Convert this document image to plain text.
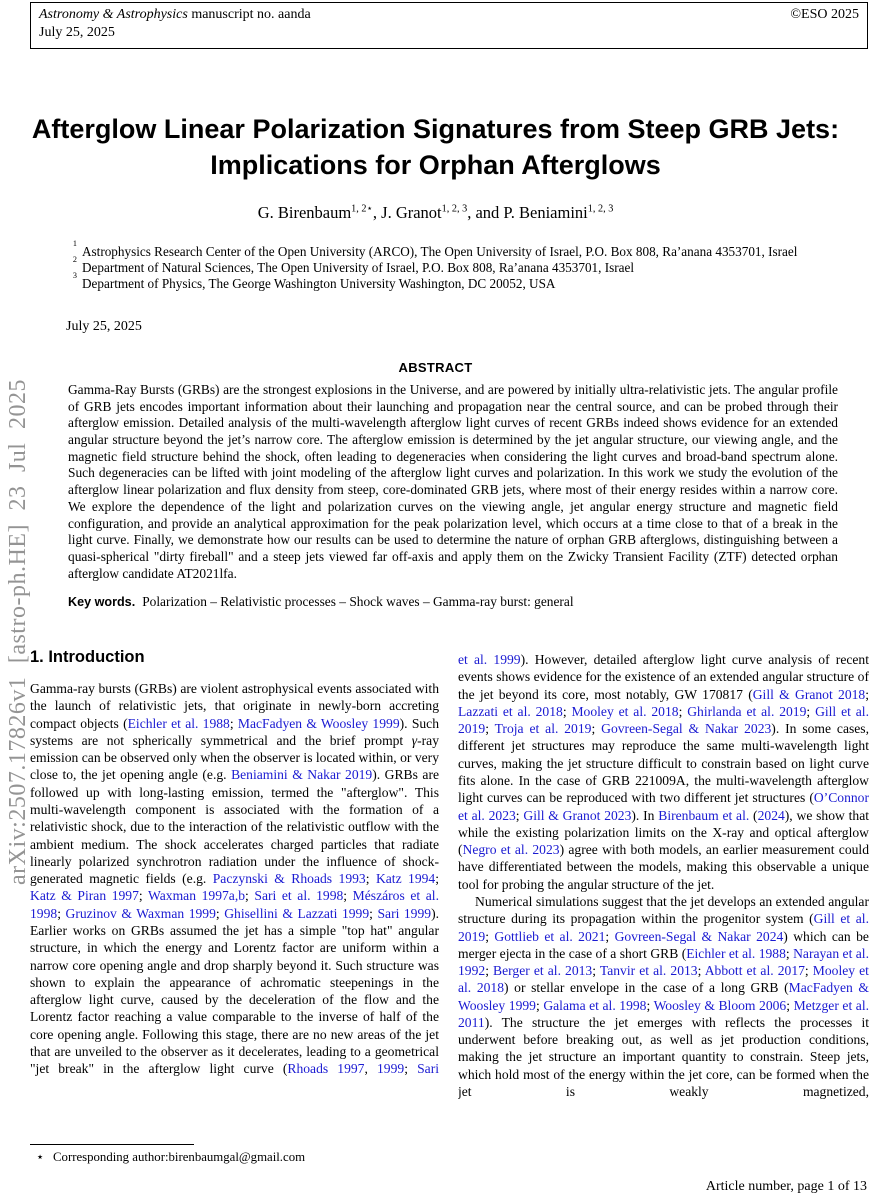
arXiv:2507.17826v1 [astro-ph.HE] 23 Jul 2025
Astronomy & Astrophysics manuscript no. aanda
July 25, 2025
©ESO 2025
Afterglow Linear Polarization Signatures from Steep GRB Jets:
Implications for Orphan Afterglows
G. Birenbaum$^{1, 2⋆}$, J. Granot$^{1, 2, 3}$, and P. Beniamini$^{1, 2, 3}$
1
Astrophysics Research Center of the Open University (ARCO), The Open University of Israel, P.O. Box 808, Ra’anana 4353701, Israel
2
Department of Natural Sciences, The Open University of Israel, P.O. Box 808, Ra’anana 4353701, Israel
3
Department of Physics, The George Washington University Washington, DC 20052, USA
July 25, 2025
ABSTRACT

Gamma-Ray Bursts (GRBs) are the strongest explosions in the Universe, and are powered by initially ultra-relativistic jets. The angular profile of GRB jets encodes important information about their launching and propagation near the central source, and can be probed through their afterglow emission. Detailed analysis of the multi-wavelength afterglow light curves of recent GRBs indeed shows evidence for an extended angular structure beyond the jet’s narrow core. The afterglow emission is determined by the jet angular structure, our viewing angle, and the magnetic field structure behind the shock, often leading to degeneracies when considering the light curves and broad-band spectrum alone. Such degeneracies can be lifted with joint modeling of the afterglow light curves and polarization. In this work we study the evolution of the afterglow linear polarization and flux density from steep, core-dominated GRB jets, where most of their energy resides within a narrow core. We explore the dependence of the light and polarization curves on the viewing angle, jet angular energy structure and magnetic field configuration, and provide an analytical approximation for the peak polarization level, which occurs at a time close to that of a break in the light curve. Finally, we demonstrate how our results can be used to determine the nature of orphan GRB afterglows, distinguishing between a quasi-spherical "dirty fireball" and a steep jets viewed far off-axis and apply them on the Zwicky Transient Facility (ZTF) detected orphan afterglow candidate AT2021lfa.

Key words. Polarization – Relativistic processes – Shock waves – Gamma-ray burst: general

1. Introduction

Gamma-ray bursts (GRBs) are violent astrophysical events associated with the launch of relativistic jets, that originate in newly-born accreting compact objects (Eichler et al. 1988; MacFadyen & Woosley 1999). Such systems are not spherically symmetrical and the brief prompt γ-ray emission can be observed only when the observer is located within, or very close to, the jet opening angle (e.g. Beniamini & Nakar 2019). GRBs are followed up with long-lasting emission, termed the "afterglow". This multi-wavelength component is associated with the formation of a relativistic shock, due to the interaction of the relativistic outflow with the ambient medium. The shock accelerates charged particles that radiate linearly polarized synchrotron radiation under the influence of shock-generated magnetic fields (e.g. Paczynski & Rhoads 1993; Katz 1994; Katz & Piran 1997; Waxman 1997a,b; Sari et al. 1998; Mészáros et al. 1998; Gruzinov & Waxman 1999; Ghisellini & Lazzati 1999; Sari 1999). Earlier works on GRBs assumed the jet has a simple "top hat" angular structure, in which the energy and Lorentz factor are uniform within a narrow core opening angle and drop sharply beyond it. Such structure was shown to explain the appearance of achromatic steepenings in the afterglow light curve, caused by the deceleration of the flow and the Lorentz factor reaching a value comparable to the inverse of half of the core opening angle. Following this stage, there are no new areas of the jet that are unveiled to the observer as it decelerates, leading to a geometrical "jet break" in the afterglow light curve (Rhoads 1997, 1999; Sari

et al. 1999). However, detailed afterglow light curve analysis of recent events shows evidence for the existence of an extended angular structure of the jet beyond its core, most notably, GW 170817 (Gill & Granot 2018; Lazzati et al. 2018; Mooley et al. 2018; Ghirlanda et al. 2019; Gill et al. 2019; Troja et al. 2019; Govreen-Segal & Nakar 2023). In some cases, different jet structures may reproduce the same multi-wavelength light curves, making the jet structure difficult to constrain based on light curve fits alone. In the case of GRB 221009A, the multi-wavelength afterglow light curves can be reproduced with two different jet structures (O’Connor et al. 2023; Gill & Granot 2023). In Birenbaum et al. (2024), we show that while the existing polarization limits on the X-ray and optical afterglow (Negro et al. 2023) agree with both models, an earlier measurement could have differentiated between the models, making this observable a unique tool for probing the angular structure of the jet.

Numerical simulations suggest that the jet develops an extended angular structure during its propagation within the progenitor system (Gill et al. 2019; Gottlieb et al. 2021; Govreen-Segal & Nakar 2024) which can be merger ejecta in the case of a short GRB (Eichler et al. 1988; Narayan et al. 1992; Berger et al. 2013; Tanvir et al. 2013; Abbott et al. 2017; Mooley et al. 2018) or stellar envelope in the case of a long GRB (MacFadyen & Woosley 1999; Galama et al. 1998; Woosley & Bloom 2006; Metzger et al. 2011). The structure the jet emerges with reflects the processes it underwent before breaking out, as well as jet production conditions, making the jet structure an important quantity to constrain. Steep jets, which hold most of the energy within the jet core, can be formed when the jet is weakly magnetized,

⋆ Corresponding author:birenbaumgal@gmail.com
Article number, page 1 of 13
